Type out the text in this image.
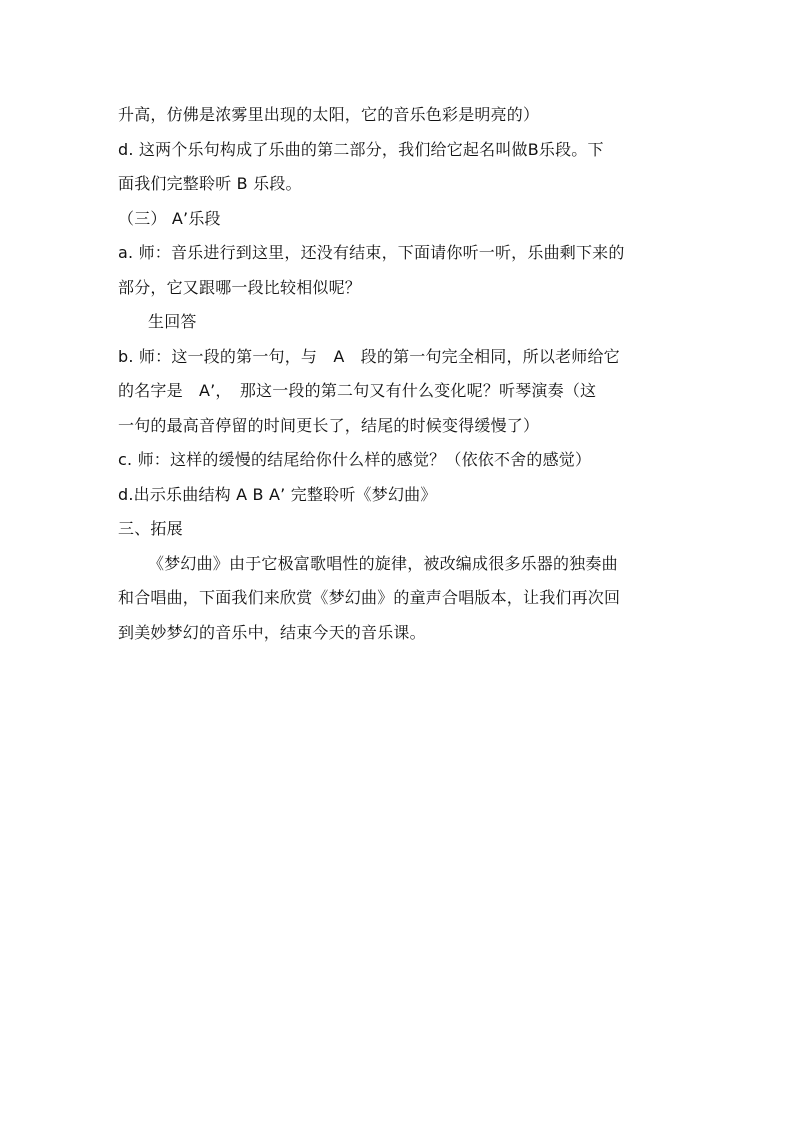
升高，仿佛是浓雾里出现的太阳，它的音乐色彩是明亮的）
d. 这两个乐句构成了乐曲的第二部分，我们给它起名叫做B乐段。下
面我们完整聆听 B 乐段。
（三） A’乐段
a. 师：音乐进行到这里，还没有结束，下面请你听一听，乐曲剩下来的
部分，它又跟哪一段比较相似呢？
生回答
b. 师：这一段的第一句，与　A　段的第一句完全相同，所以老师给它
的名字是　A’，　那这一段的第二句又有什么变化呢？听琴演奏（这
一句的最高音停留的时间更长了，结尾的时候变得缓慢了）
c. 师：这样的缓慢的结尾给你什么样的感觉？（依依不舍的感觉）
d.出示乐曲结构 A B A’ 完整聆听《梦幻曲》
三、拓展
《梦幻曲》由于它极富歌唱性的旋律，被改编成很多乐器的独奏曲
和合唱曲，下面我们来欣赏《梦幻曲》的童声合唱版本，让我们再次回
到美妙梦幻的音乐中，结束今天的音乐课。
